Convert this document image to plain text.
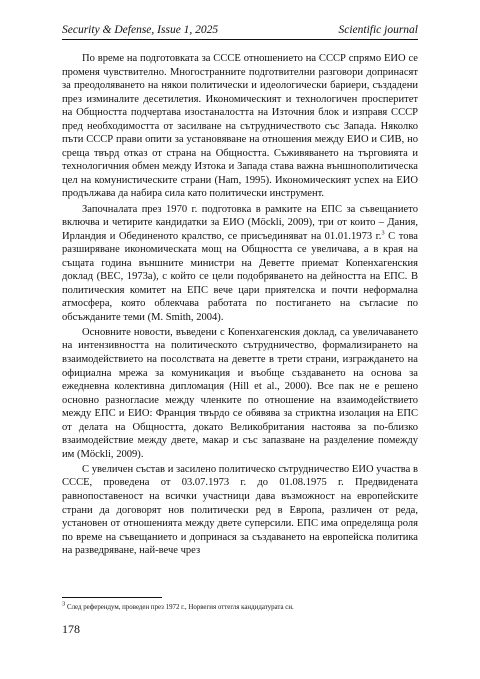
Security & Defense, Issue 1, 2025	Scientific journal

По време на подготовката за СССЕ отношението на СССР спрямо ЕИО се променя чувствително. Многостранните подготвителни разговори допринасят за преодоляването на някои политически и идеологически бариери, създадени през изминалите десетилетия. Икономическият и технологичен просперитет на Общността подчертава изостаналостта на Източния блок и изправя СССР пред необходимостта от засилване на сътрудничеството със Запада. Няколко пъти СССР прави опити за установяване на отношения между ЕИО и СИВ, но среща твърд отказ от страна на Общността. Съживяването на търговията и технологичния обмен между Изтока и Запада става важна външнополитическа цел на комунистическите страни (Ham, 1995). Икономическият успех на ЕИО продължава да набира сила като политически инструмент.

Започналата през 1970 г. подготовка в рамките на ЕПС за съвещанието включва и четирите кандидатки за ЕИО (Möckli, 2009), три от които – Дания, Ирландия и Обединеното кралство, се присъединяват на 01.01.1973 г.$^3$ С това разширяване икономическата мощ на Общността се увеличава, а в края на същата година външните министри на Деветте приемат Копенхагенския доклад (BEC, 1973a), с който се цели подобряването на дейността на ЕПС. В политическия комитет на ЕПС вече цари приятелска и почти неформална атмосфера, която облекчава работата по постигането на съгласие по обсъжданите теми (M. Smith, 2004).

Основните новости, въведени с Копенхагенския доклад, са увеличаването на интензивността на политическото сътрудничество, формализирането на взаимодействието на посолствата на деветте в трети страни, изграждането на официална мрежа за комуникация и въобще създаването на основа за ежедневна колективна дипломация (Hill et al., 2000). Все пак не е решено основно разногласие между членките по отношение на взаимодействието между ЕПС и ЕИО: Франция твърдо се обявява за стриктна изолация на ЕПС от делата на Общността, докато Великобритания настоява за по-близко взаимодействие между двете, макар и със запазване на разделение помежду им (Möckli, 2009).

С увеличен състав и засилено политическо сътрудничество ЕИО участва в СССЕ, проведена от 03.07.1973 г. до 01.08.1975 г. Предвидената равнопоставеност на всички участници дава възможност на европейските страни да договорят нов политически ред в Европа, различен от реда, установен от отношенията между двете суперсили. ЕПС има определяща роля по време на съвещанието и допринася за създаването на европейска политика на разведряване, най-вече чрез

$^3$ След референдум, проведен през 1972 г., Норвегия оттегля кандидатурата си.
178
